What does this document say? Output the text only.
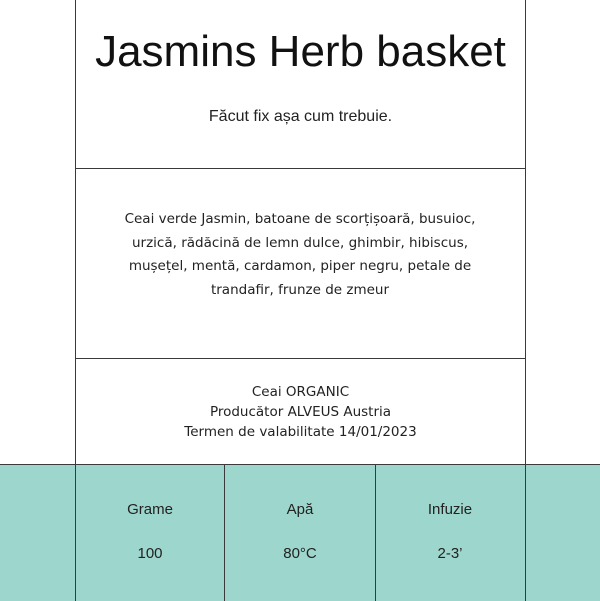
Jasmins Herb basket
Făcut fix așa cum trebuie.
Ceai verde Jasmin, batoane de scorțișoară, busuioc, urzică, rădăcină de lemn dulce, ghimbir, hibiscus, mușețel, mentă, cardamon, piper negru, petale de trandafir, frunze de zmeur
Ceai ORGANIC
Producător ALVEUS Austria
Termen de valabilitate 14/01/2023
Grame
100
Apă
80°C
Infuzie
2-3’
